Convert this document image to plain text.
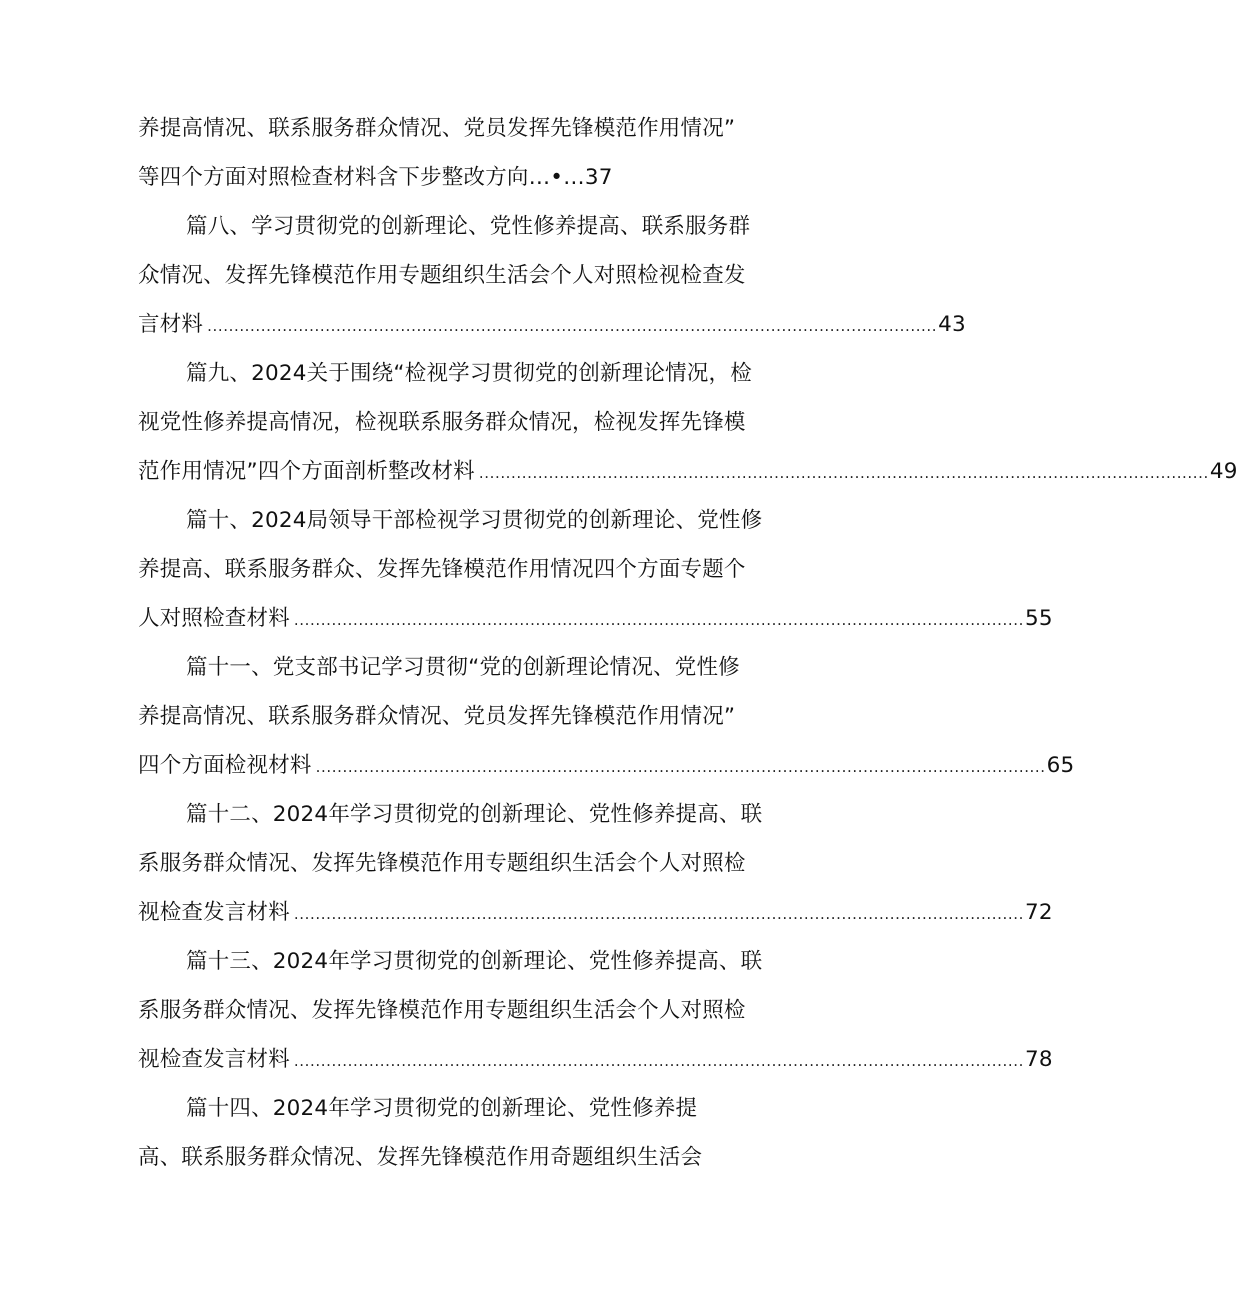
养提高情况、联系服务群众情况、党员发挥先锋模范作用情况”
等四个方面对照检查材料含下步整改方向…•…37
篇八、学习贯彻党的创新理论、党性修养提高、联系服务群
众情况、发挥先锋模范作用专题组织生活会个人对照检视检查发
言材料 ........................................................................................................................................ 43
篇九、2024关于围绕“检视学习贯彻党的创新理论情况，检
视党性修养提高情况，检视联系服务群众情况，检视发挥先锋模
范作用情况”四个方面剖析整改材料 ........................................................................................................................................ 49
篇十、2024局领导干部检视学习贯彻党的创新理论、党性修
养提高、联系服务群众、发挥先锋模范作用情况四个方面专题个
人对照检查材料 ........................................................................................................................................ 55
篇十一、党支部书记学习贯彻“党的创新理论情况、党性修
养提高情况、联系服务群众情况、党员发挥先锋模范作用情况”
四个方面检视材料 ........................................................................................................................................ 65
篇十二、2024年学习贯彻党的创新理论、党性修养提高、联
系服务群众情况、发挥先锋模范作用专题组织生活会个人对照检
视检查发言材料 ........................................................................................................................................ 72
篇十三、2024年学习贯彻党的创新理论、党性修养提高、联
系服务群众情况、发挥先锋模范作用专题组织生活会个人对照检
视检查发言材料 ........................................................................................................................................ 78
篇十四、2024年学习贯彻党的创新理论、党性修养提
高、联系服务群众情况、发挥先锋模范作用奇题组织生活会
